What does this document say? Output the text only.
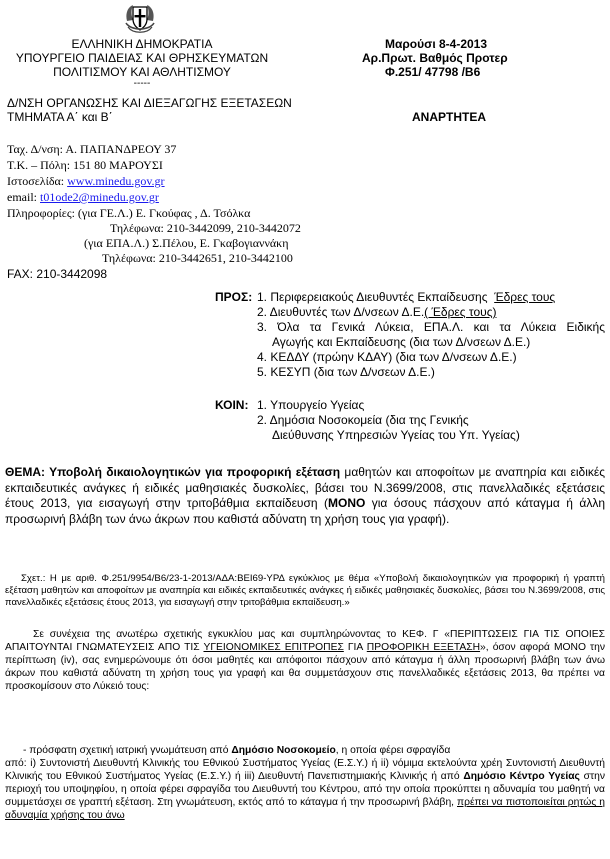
ΕΛΛΗΝΙΚΗ ΔΗΜΟΚΡΑΤΙΑ
ΥΠΟΥΡΓΕΙΟ ΠΑΙΔΕΙΑΣ ΚΑΙ ΘΡΗΣΚΕΥΜΑΤΩΝ
ΠΟΛΙΤΙΣΜΟΥ ΚΑΙ ΑΘΛΗΤΙΣΜΟΥ
-----
Δ/ΝΣΗ ΟΡΓΑΝΩΣΗΣ ΚΑΙ ΔΙΕΞΑΓΩΓΗΣ ΕΞΕΤΑΣΕΩΝ
ΤΜΗΜΑΤΑ Α΄ και Β΄
Μαρούσι 8-4-2013
Αρ.Πρωτ. Βαθμός Προτερ
Φ.251/ 47798 /Β6
ΑΝΑΡΤΗΤΕΑ
Ταχ. Δ/νση: Α. ΠΑΠΑΝΔΡΕΟΥ 37
Τ.Κ. – Πόλη: 151 80 ΜΑΡΟΥΣΙ
Ιστοσελίδα: www.minedu.gov.gr
email: t01ode2@minedu.gov.gr
Πληροφορίες: (για ΓΕ.Λ.) Ε. Γκούφας , Δ. Τσόλκα
Τηλέφωνα: 210-3442099, 210-3442072
(για ΕΠΑ.Λ.) Σ.Πέλου, Ε. Γκαβογιαννάκη
Τηλέφωνα: 210-3442651, 210-3442100
FAX: 210-3442098
ΠΡΟΣ: 1. Περιφερειακούς Διευθυντές Εκπαίδευσης Έδρες τους
2. Διευθυντές των Δ/νσεων Δ.Ε.( Έδρες τους)
3. Όλα τα Γενικά Λύκεια, ΕΠΑ.Λ. και τα Λύκεια Ειδικής
Αγωγής και Εκπαίδευσης (δια των Δ/νσεων Δ.Ε.)
4. ΚΕΔΔΥ (πρώην ΚΔΑΥ) (δια των Δ/νσεων Δ.Ε.)
5. ΚΕΣΥΠ (δια των Δ/νσεων Δ.Ε.)
ΚΟΙΝ: 1. Υπουργείο Υγείας
2. Δημόσια Νοσοκομεία (δια της Γενικής
Διεύθυνσης Υπηρεσιών Υγείας του Υπ. Υγείας)
ΘΕΜΑ: Υποβολή δικαιολογητικών για προφορική εξέταση μαθητών και αποφοίτων με αναπηρία και ειδικές εκπαιδευτικές ανάγκες ή ειδικές μαθησιακές δυσκολίες, βάσει του Ν.3699/2008, στις πανελλαδικές εξετάσεις έτους 2013, για εισαγωγή στην τριτοβάθμια εκπαίδευση (ΜΟΝΟ για όσους πάσχουν από κάταγμα ή άλλη προσωρινή βλάβη των άνω άκρων που καθιστά αδύνατη τη χρήση τους για γραφή).
Σχετ.: Η με αριθ. Φ.251/9954/Β6/23-1-2013/ΑΔΑ:ΒΕΙ69-ΥΡΔ εγκύκλιος με θέμα «Υποβολή δικαιολογητικών για προφορική ή γραπτή εξέταση μαθητών και αποφοίτων με αναπηρία και ειδικές εκπαιδευτικές ανάγκες ή ειδικές μαθησιακές δυσκολίες, βάσει του Ν.3699/2008, στις πανελλαδικές εξετάσεις έτους 2013, για εισαγωγή στην τριτοβάθμια εκπαίδευση.»
Σε συνέχεια της ανωτέρω σχετικής εγκυκλίου μας και συμπληρώνοντας το ΚΕΦ. Γ «ΠΕΡΙΠΤΩΣΕΙΣ ΓΙΑ ΤΙΣ ΟΠΟΙΕΣ ΑΠΑΙΤΟΥΝΤΑΙ ΓΝΩΜΑΤΕΥΣΕΙΣ ΑΠΟ ΤΙΣ ΥΓΕΙΟΝΟΜΙΚΕΣ ΕΠΙΤΡΟΠΕΣ ΓΙΑ ΠΡΟΦΟΡΙΚΗ ΕΞΕΤΑΣΗ», όσον αφορά ΜΟΝΟ την περίπτωση (iv), σας ενημερώνουμε ότι όσοι μαθητές και απόφοιτοι πάσχουν από κάταγμα ή άλλη προσωρινή βλάβη των άνω άκρων που καθιστά αδύνατη τη χρήση τους για γραφή και θα συμμετάσχουν στις πανελλαδικές εξετάσεις 2013, θα πρέπει να προσκομίσουν στο Λύκειό τους:
- πρόσφατη σχετική ιατρική γνωμάτευση από Δημόσιο Νοσοκομείο, η οποία φέρει σφραγίδα
από: i) Συντονιστή Διευθυντή Κλινικής του Εθνικού Συστήματος Υγείας (Ε.Σ.Υ.) ή ii) νόμιμα εκτελούντα χρέη Συντονιστή Διευθυντή Κλινικής του Εθνικού Συστήματος Υγείας (Ε.Σ.Υ.) ή iii) Διευθυντή Πανεπιστημιακής Κλινικής ή από Δημόσιο Κέντρο Υγείας στην περιοχή του υποψηφίου, η οποία φέρει σφραγίδα του Διευθυντή του Κέντρου, από την οποία προκύπτει η αδυναμία του μαθητή να συμμετάσχει σε γραπτή εξέταση. Στη γνωμάτευση, εκτός από το κάταγμα ή την προσωρινή βλάβη, πρέπει να πιστοποιείται ρητώς η αδυναμία χρήσης του άνω
